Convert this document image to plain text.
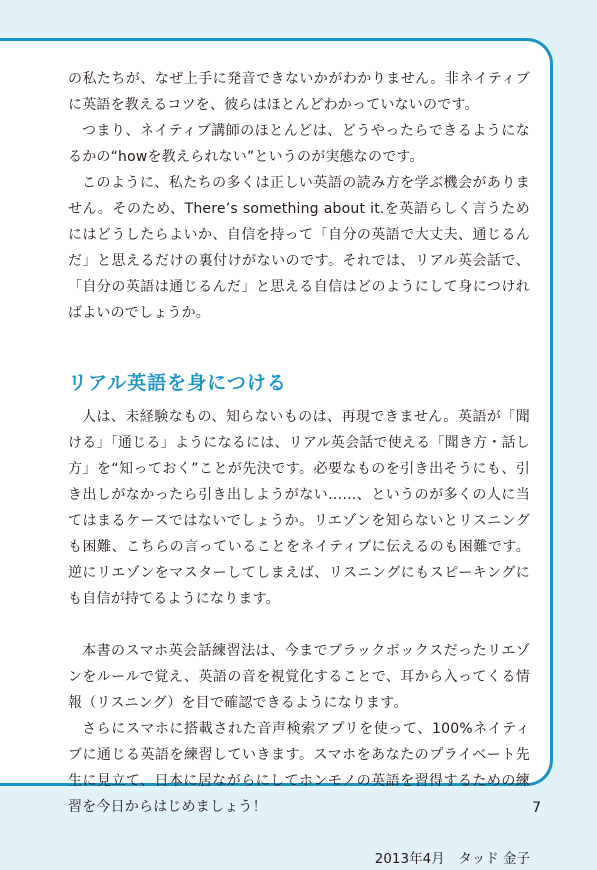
の私たちが、なぜ上手に発音できないかがわかりません。非ネイティブに英語を教えるコツを、彼らはほとんどわかっていないのです。

つまり、ネイティブ講師のほとんどは、どうやったらできるようになるかの“howを教えられない”というのが実態なのです。

このように、私たちの多くは正しい英語の読み方を学ぶ機会がありません。そのため、There’s something about it.を英語らしく言うためにはどうしたらよいか、自信を持って「自分の英語で大丈夫、通じるんだ」と思えるだけの裏付けがないのです。それでは、リアル英会話で、「自分の英語は通じるんだ」と思える自信はどのようにして身につければよいのでしょうか。

リアル英語を身につける

人は、未経験なもの、知らないものは、再現できません。英語が「聞ける」「通じる」ようになるには、リアル英会話で使える「聞き方・話し方」を“知っておく”ことが先決です。必要なものを引き出そうにも、引き出しがなかったら引き出しようがない……、というのが多くの人に当てはまるケースではないでしょうか。リエゾンを知らないとリスニングも困難、こちらの言っていることをネイティブに伝えるのも困難です。逆にリエゾンをマスターしてしまえば、リスニングにもスピーキングにも自信が持てるようになります。

本書のスマホ英会話練習法は、今までブラックボックスだったリエゾンをルールで覚え、英語の音を視覚化することで、耳から入ってくる情報（リスニング）を目で確認できるようになります。

さらにスマホに搭載された音声検索アプリを使って、100%ネイティブに通じる英語を練習していきます。スマホをあなたのプライベート先生に見立て、日本に居ながらにしてホンモノの英語を習得するための練習を今日からはじめましょう！

2013年4月　タッド 金子
7
